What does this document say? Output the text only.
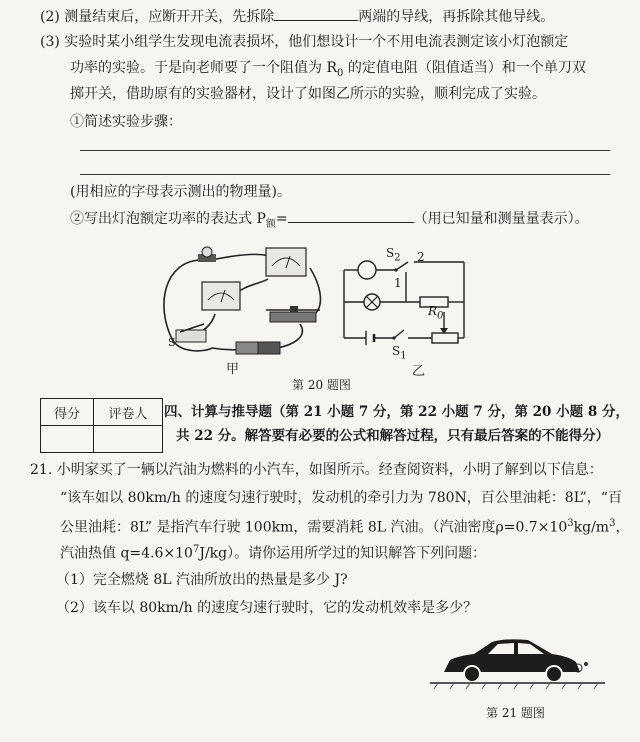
(2) 测量结束后，应断开开关，先拆除	两端的导线，再拆除其他导线。
(3) 实验时某小组学生发现电流表损坏，他们想设计一个不用电流表测定该小灯泡额定
功率的实验。于是向老师要了一个阻值为 $R_0$ 的定值电阻（阻值适当）和一个单刀双
掷开关，借助原有的实验器材，设计了如图乙所示的实验，顺利完成了实验。
①简述实验步骤：
(用相应的字母表示测出的物理量)。
②写出灯泡额定功率的表达式 $P_额=$	（用已知量和测量量表示）。
S
甲
$S_2$ 2
1
$R_0$
$S_1$
乙
第 20 题图
得分	评卷人
	四、计算与推导题（第 21 小题 7 分，第 22 小题 7 分，第 20 小题 8 分，
共 22 分。解答要有必要的公式和解答过程，只有最后答案的不能得分）
21. 小明家买了一辆以汽油为燃料的小汽车，如图所示。经查阅资料，小明了解到以下信息：
“该车如以 80km/h 的速度匀速行驶时，发动机的牵引力为 780N，百公里油耗：8L”，“百
公里油耗：8L” 是指汽车行驶 100km，需要消耗 8L 汽油。（汽油密度$\rho=0.7\times 10^3kg/m^3$，
汽油热值 $q=4.6\times 10^7J/kg$）。请你运用所学过的知识解答下列问题：
（1）完全燃烧 8L 汽油所放出的热量是多少 J?
（2）该车以 80km/h 的速度匀速行驶时，它的发动机效率是多少？
第 21 题图
